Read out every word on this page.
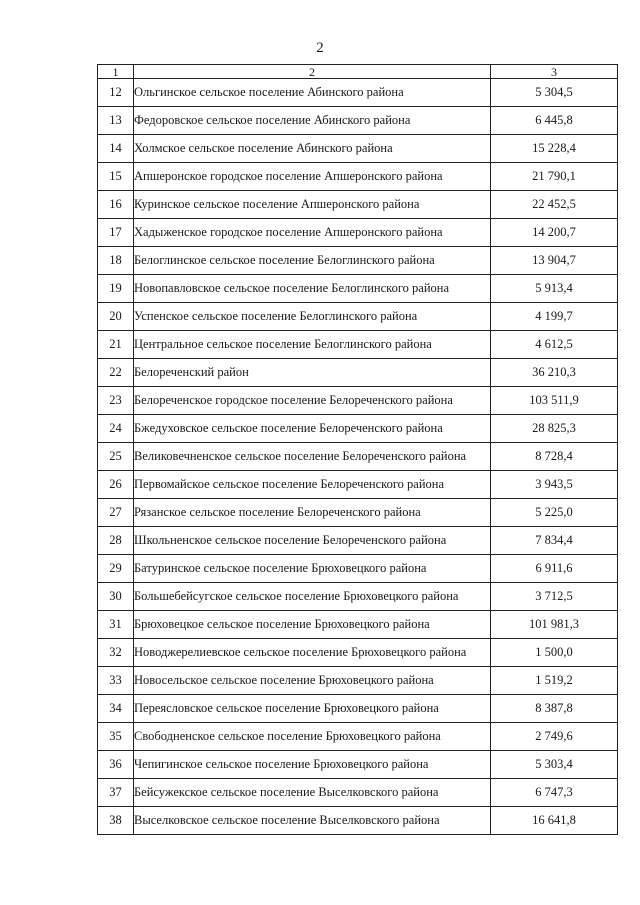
2
1	2	3
12	Ольгинское сельское поселение Абинского района	5 304,5
13	Федоровское сельское поселение Абинского района	6 445,8
14	Холмское сельское поселение Абинского района	15 228,4
15	Апшеронское городское поселение Апшеронского района	21 790,1
16	Куринское сельское поселение Апшеронского района	22 452,5
17	Хадыженское городское поселение Апшеронского района	14 200,7
18	Белоглинское сельское поселение Белоглинского района	13 904,7
19	Новопавловское сельское поселение Белоглинского района	5 913,4
20	Успенское сельское поселение Белоглинского района	4 199,7
21	Центральное сельское поселение Белоглинского района	4 612,5
22	Белореченский район	36 210,3
23	Белореченское городское поселение Белореченского района	103 511,9
24	Бжедуховское сельское поселение Белореченского района	28 825,3
25	Великовечненское сельское поселение Белореченского района	8 728,4
26	Первомайское сельское поселение Белореченского района	3 943,5
27	Рязанское сельское поселение Белореченского района	5 225,0
28	Школьненское сельское поселение Белореченского района	7 834,4
29	Батуринское сельское поселение Брюховецкого района	6 911,6
30	Большебейсугское сельское поселение Брюховецкого района	3 712,5
31	Брюховецкое сельское поселение Брюховецкого района	101 981,3
32	Новоджерелиевское сельское поселение Брюховецкого района	1 500,0
33	Новосельское сельское поселение Брюховецкого района	1 519,2
34	Переясловское сельское поселение Брюховецкого района	8 387,8
35	Свободненское сельское поселение Брюховецкого района	2 749,6
36	Чепигинское сельское поселение Брюховецкого района	5 303,4
37	Бейсужекское сельское поселение Выселковского района	6 747,3
38	Выселковское сельское поселение Выселковского района	16 641,8
